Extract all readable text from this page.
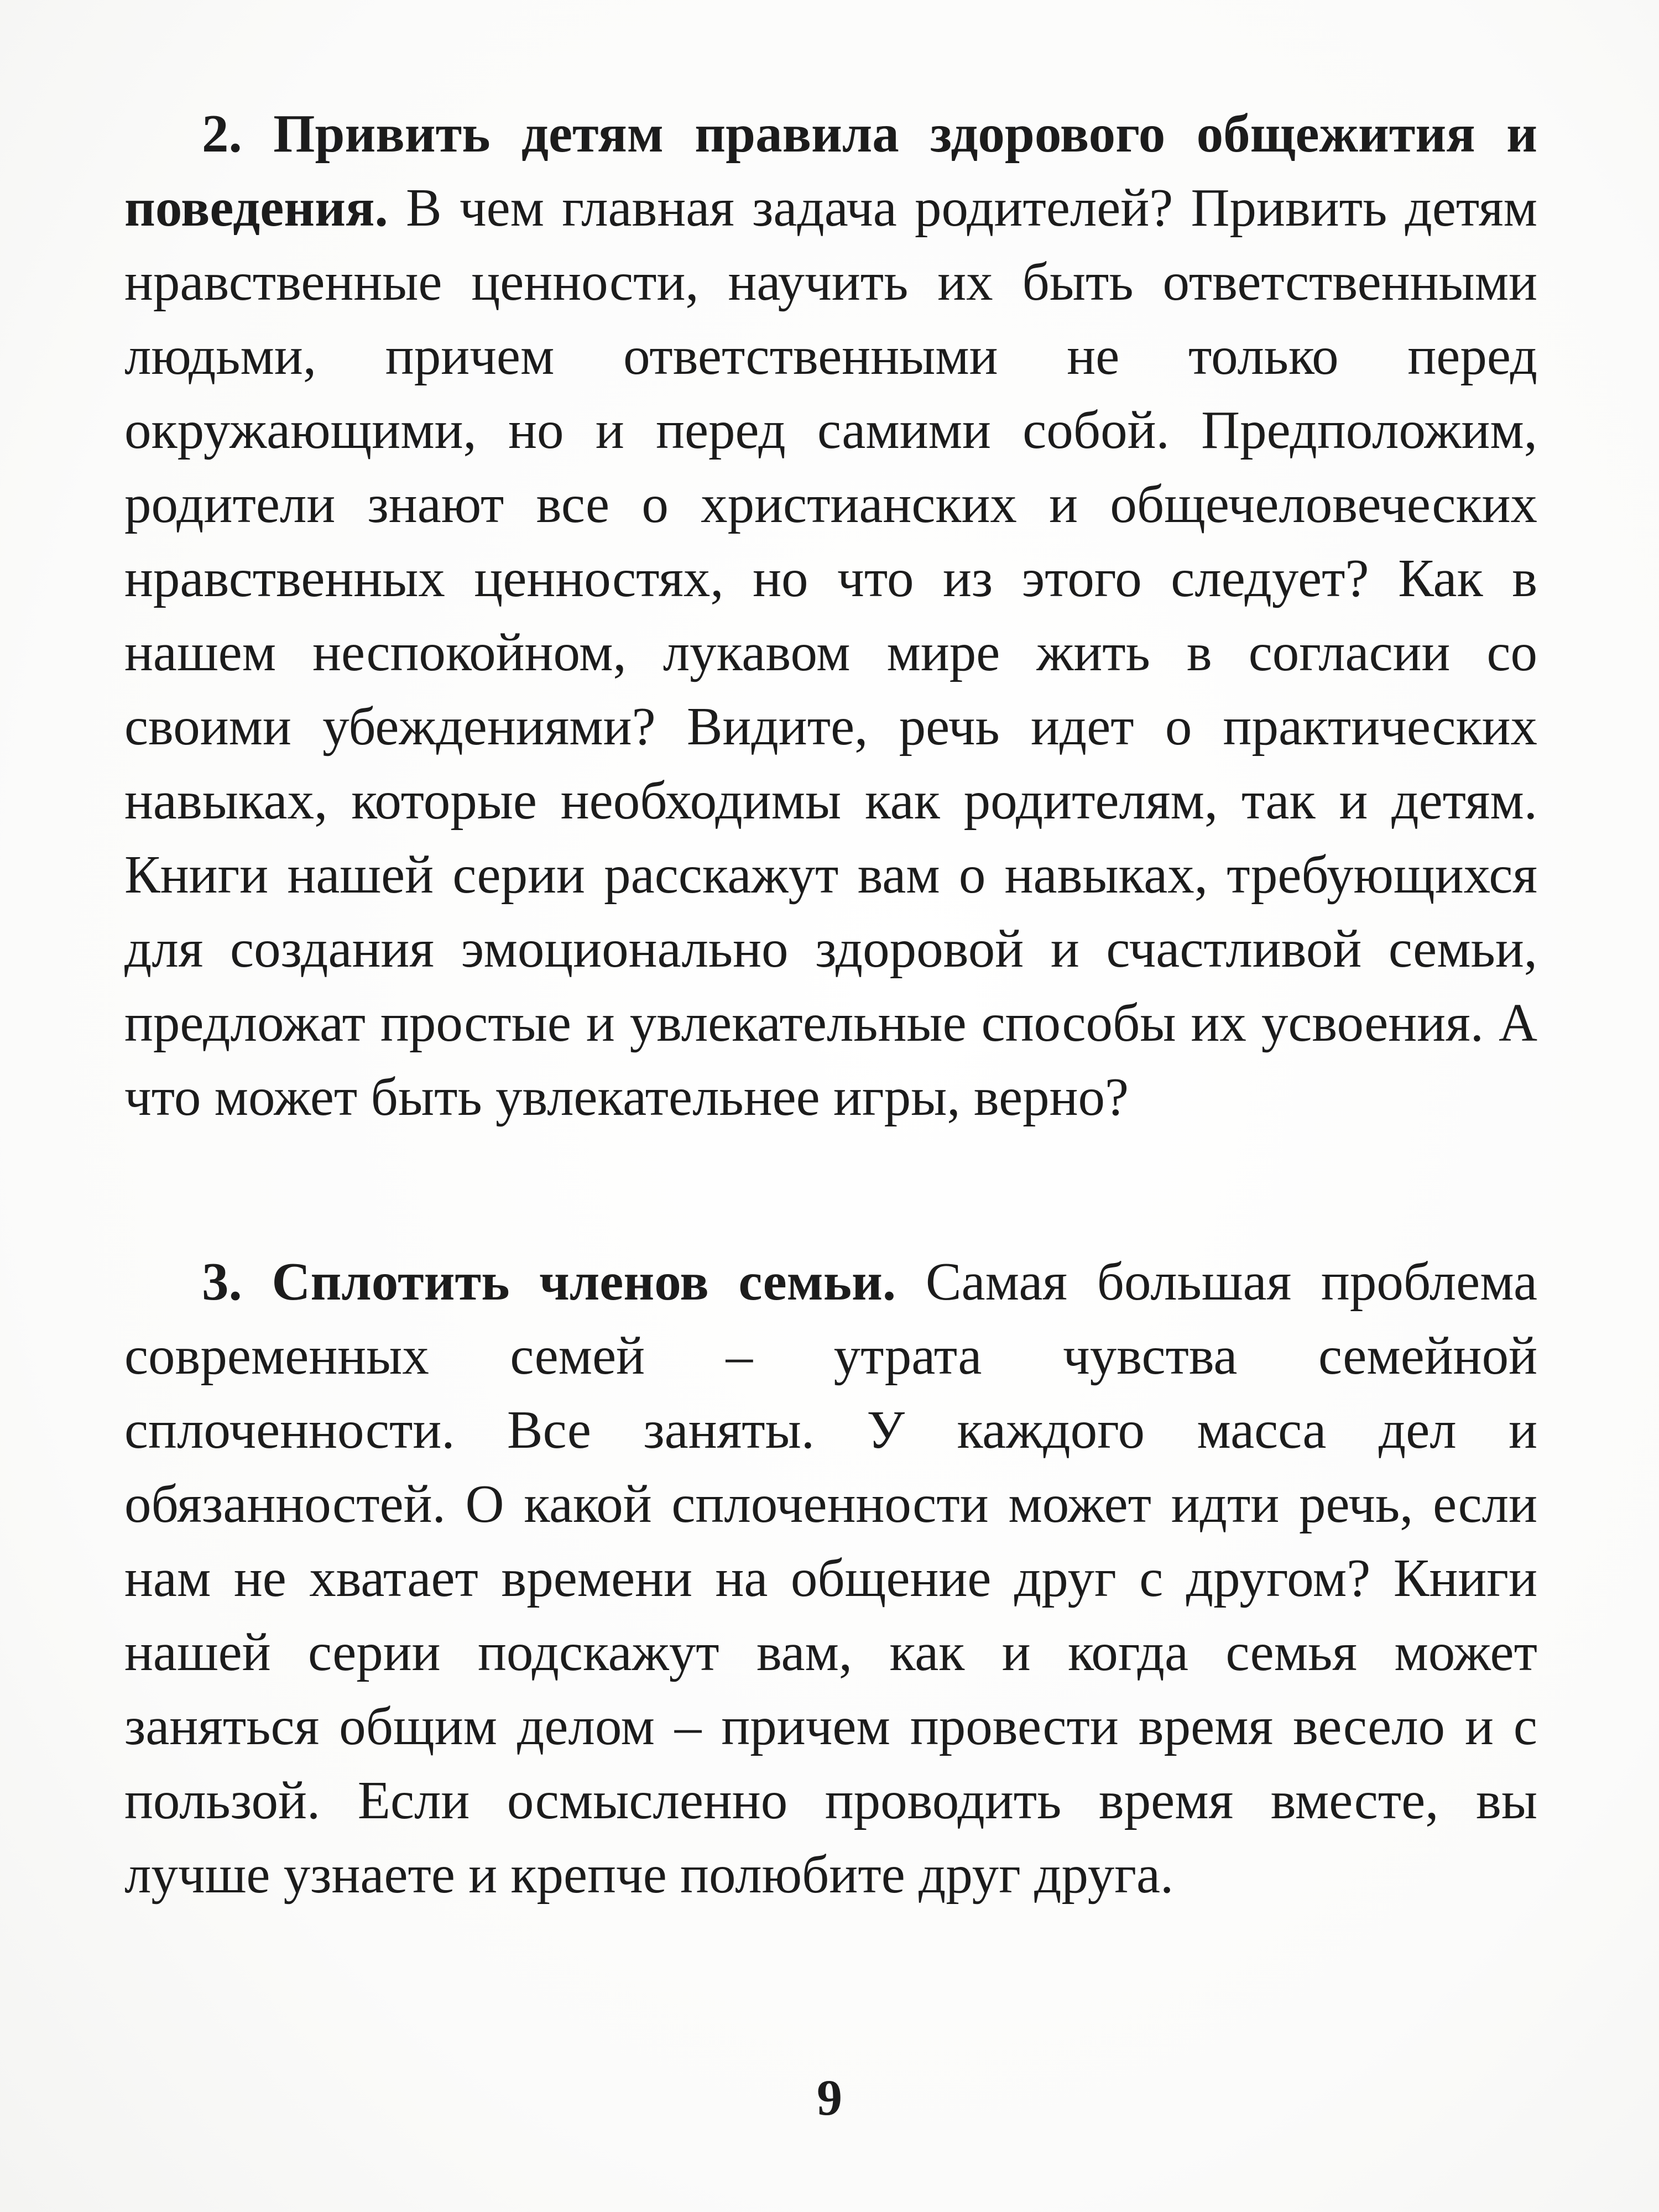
2. Привить детям правила здорового общежития и поведения. В чем главная задача родителей? Привить детям нравственные ценности, научить их быть ответственными людьми, причем ответственными не только перед окружающими, но и перед самими собой. Предположим, родители знают все о христианских и общечеловеческих нравственных ценностях, но что из этого следует? Как в нашем неспокойном, лукавом мире жить в согласии со своими убеждениями? Видите, речь идет о практических навыках, которые необходимы как родителям, так и детям. Книги нашей серии расскажут вам о навыках, требующихся для создания эмоционально здоровой и счастливой семьи, предложат простые и увлекательные способы их усвоения. А что может быть увлекательнее игры, верно?

3. Сплотить членов семьи. Самая большая проблема современных семей – утрата чувства семейной сплоченности. Все заняты. У каждого масса дел и обязанностей. О какой сплоченности может идти речь, если нам не хватает времени на общение друг с другом? Книги нашей серии подскажут вам, как и когда семья может заняться общим делом – причем провести время весело и с пользой. Если осмысленно проводить время вместе, вы лучше узнаете и крепче полюбите друг друга.

9
